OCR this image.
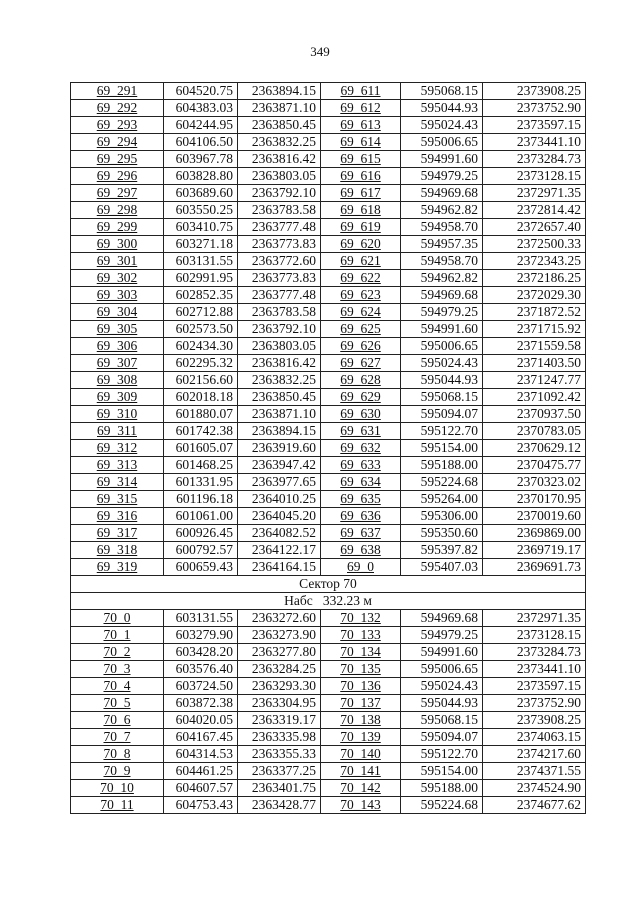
349
69_291	604520.75	2363894.15	69_611	595068.15	2373908.25
69_292	604383.03	2363871.10	69_612	595044.93	2373752.90
69_293	604244.95	2363850.45	69_613	595024.43	2373597.15
69_294	604106.50	2363832.25	69_614	595006.65	2373441.10
69_295	603967.78	2363816.42	69_615	594991.60	2373284.73
69_296	603828.80	2363803.05	69_616	594979.25	2373128.15
69_297	603689.60	2363792.10	69_617	594969.68	2372971.35
69_298	603550.25	2363783.58	69_618	594962.82	2372814.42
69_299	603410.75	2363777.48	69_619	594958.70	2372657.40
69_300	603271.18	2363773.83	69_620	594957.35	2372500.33
69_301	603131.55	2363772.60	69_621	594958.70	2372343.25
69_302	602991.95	2363773.83	69_622	594962.82	2372186.25
69_303	602852.35	2363777.48	69_623	594969.68	2372029.30
69_304	602712.88	2363783.58	69_624	594979.25	2371872.52
69_305	602573.50	2363792.10	69_625	594991.60	2371715.92
69_306	602434.30	2363803.05	69_626	595006.65	2371559.58
69_307	602295.32	2363816.42	69_627	595024.43	2371403.50
69_308	602156.60	2363832.25	69_628	595044.93	2371247.77
69_309	602018.18	2363850.45	69_629	595068.15	2371092.42
69_310	601880.07	2363871.10	69_630	595094.07	2370937.50
69_311	601742.38	2363894.15	69_631	595122.70	2370783.05
69_312	601605.07	2363919.60	69_632	595154.00	2370629.12
69_313	601468.25	2363947.42	69_633	595188.00	2370475.77
69_314	601331.95	2363977.65	69_634	595224.68	2370323.02
69_315	601196.18	2364010.25	69_635	595264.00	2370170.95
69_316	601061.00	2364045.20	69_636	595306.00	2370019.60
69_317	600926.45	2364082.52	69_637	595350.60	2369869.00
69_318	600792.57	2364122.17	69_638	595397.82	2369719.17
69_319	600659.43	2364164.15	69_0	595407.03	2369691.73
Сектор 70					
Набс   332.23 м					
70_0	603131.55	2363272.60	70_132	594969.68	2372971.35
70_1	603279.90	2363273.90	70_133	594979.25	2373128.15
70_2	603428.20	2363277.80	70_134	594991.60	2373284.73
70_3	603576.40	2363284.25	70_135	595006.65	2373441.10
70_4	603724.50	2363293.30	70_136	595024.43	2373597.15
70_5	603872.38	2363304.95	70_137	595044.93	2373752.90
70_6	604020.05	2363319.17	70_138	595068.15	2373908.25
70_7	604167.45	2363335.98	70_139	595094.07	2374063.15
70_8	604314.53	2363355.33	70_140	595122.70	2374217.60
70_9	604461.25	2363377.25	70_141	595154.00	2374371.55
70_10	604607.57	2363401.75	70_142	595188.00	2374524.90
70_11	604753.43	2363428.77	70_143	595224.68	2374677.62
